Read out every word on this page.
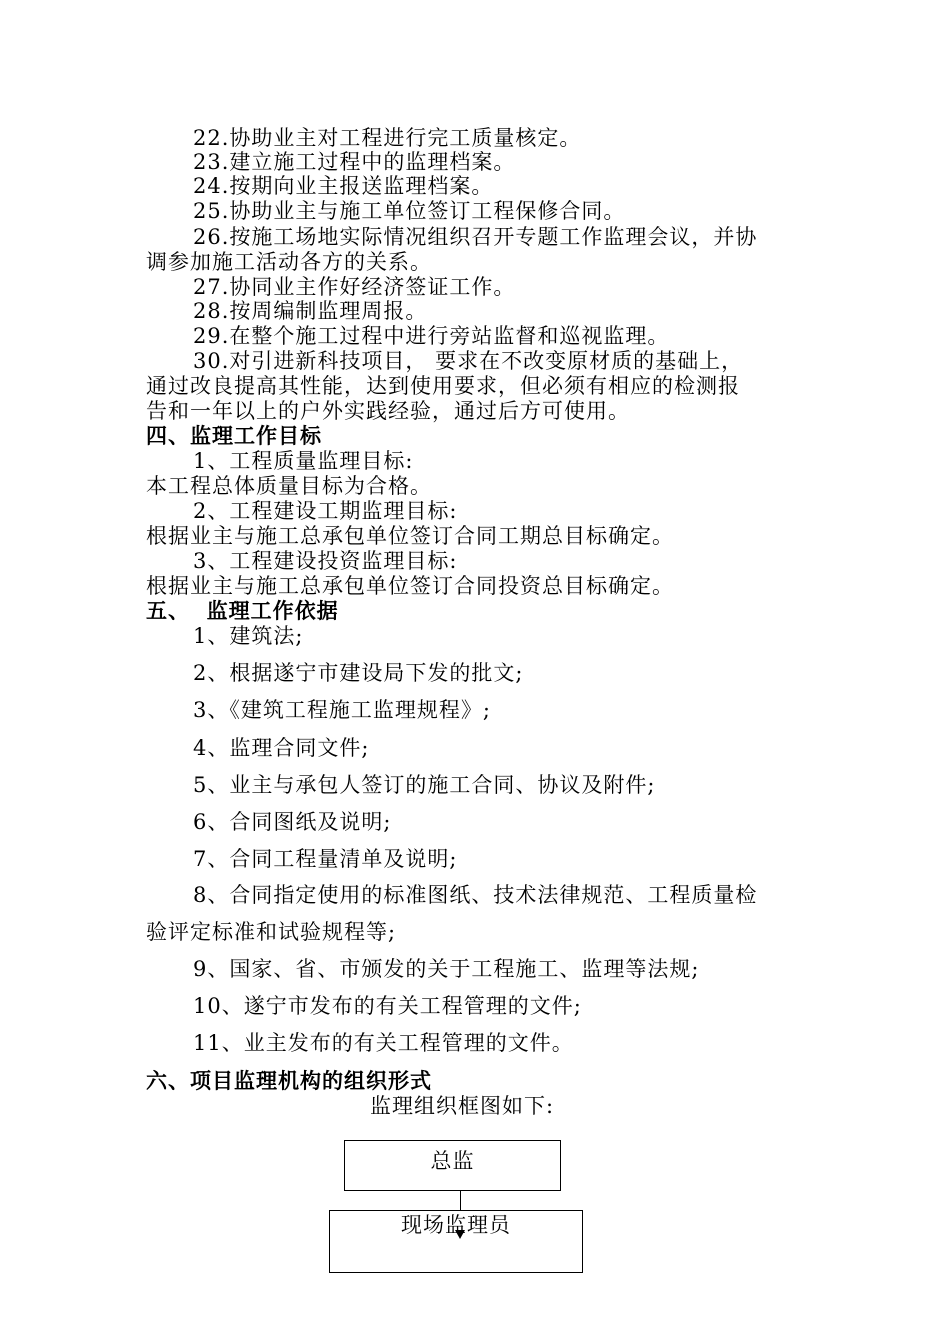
22.协助业主对工程进行完工质量核定。
23.建立施工过程中的监理档案。
24.按期向业主报送监理档案。
25.协助业主与施工单位签订工程保修合同。
26.按施工场地实际情况组织召开专题工作监理会议，并协
调参加施工活动各方的关系。
27.协同业主作好经济签证工作。
28.按周编制监理周报。
29.在整个施工过程中进行旁站监督和巡视监理。
30.对引进新科技项目， 要求在不改变原材质的基础上，
通过改良提高其性能，达到使用要求，但必须有相应的检测报
告和一年以上的户外实践经验，通过后方可使用。
四、监理工作目标
1、工程质量监理目标:
本工程总体质量目标为合格。
2、工程建设工期监理目标:
根据业主与施工总承包单位签订合同工期总目标确定。
3、工程建设投资监理目标:
根据业主与施工总承包单位签订合同投资总目标确定。
五、  监理工作依据
1、建筑法;
2、根据遂宁市建设局下发的批文;
3、《建筑工程施工监理规程》;
4、监理合同文件;
5、业主与承包人签订的施工合同、协议及附件;
6、合同图纸及说明;
7、合同工程量清单及说明;
8、合同指定使用的标准图纸、技术法律规范、工程质量检
验评定标准和试验规程等;
9、国家、省、市颁发的关于工程施工、监理等法规;
10、遂宁市发布的有关工程管理的文件;
11、业主发布的有关工程管理的文件。
六、项目监理机构的组织形式
监理组织框图如下:
总监
现场监理员
